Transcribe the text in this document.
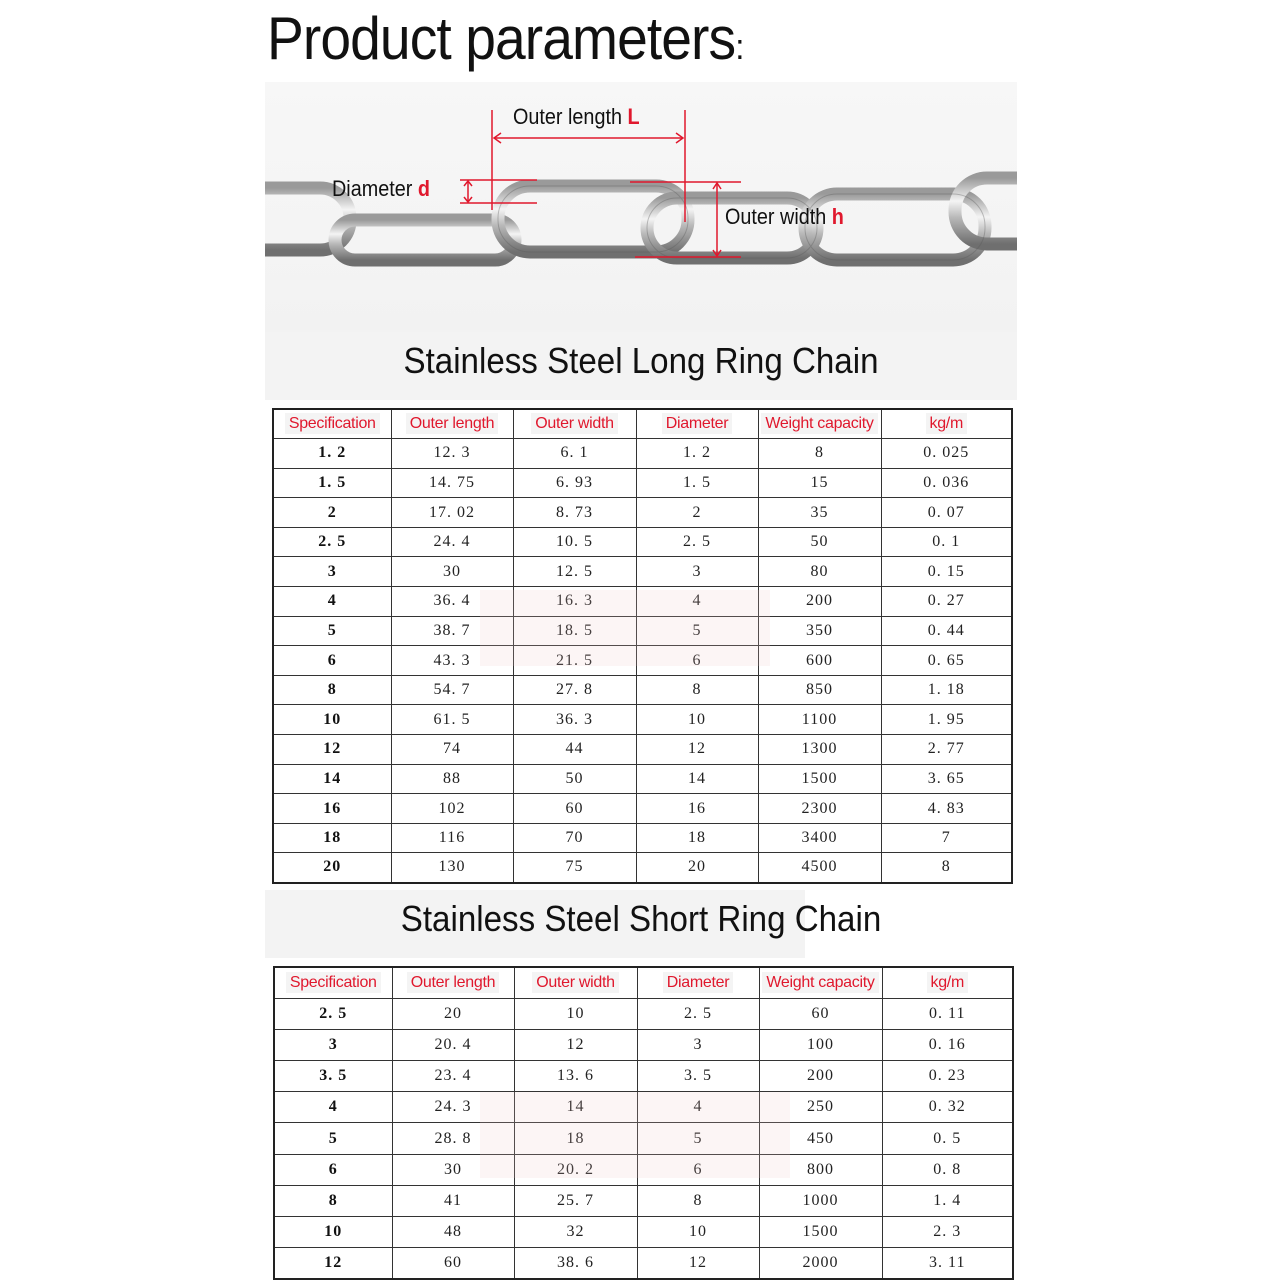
Product parameters:
Outer length L
Diameter d
Outer width h
Stainless Steel Long Ring Chain
Specification	Outer length	Outer width	Diameter	Weight capacity	kg/m
1. 2	12. 3	6. 1	1. 2	8	0. 025
1. 5	14. 75	6. 93	1. 5	15	0. 036
2	17. 02	8. 73	2	35	0. 07
2. 5	24. 4	10. 5	2. 5	50	0. 1
3	30	12. 5	3	80	0. 15
4	36. 4	16. 3	4	200	0. 27
5	38. 7	18. 5	5	350	0. 44
6	43. 3	21. 5	6	600	0. 65
8	54. 7	27. 8	8	850	1. 18
10	61. 5	36. 3	10	1100	1. 95
12	74	44	12	1300	2. 77
14	88	50	14	1500	3. 65
16	102	60	16	2300	4. 83
18	116	70	18	3400	7
20	130	75	20	4500	8
Stainless Steel Short Ring Chain
Specification	Outer length	Outer width	Diameter	Weight capacity	kg/m
2. 5	20	10	2. 5	60	0. 11
3	20. 4	12	3	100	0. 16
3. 5	23. 4	13. 6	3. 5	200	0. 23
4	24. 3	14	4	250	0. 32
5	28. 8	18	5	450	0. 5
6	30	20. 2	6	800	0. 8
8	41	25. 7	8	1000	1. 4
10	48	32	10	1500	2. 3
12	60	38. 6	12	2000	3. 11
